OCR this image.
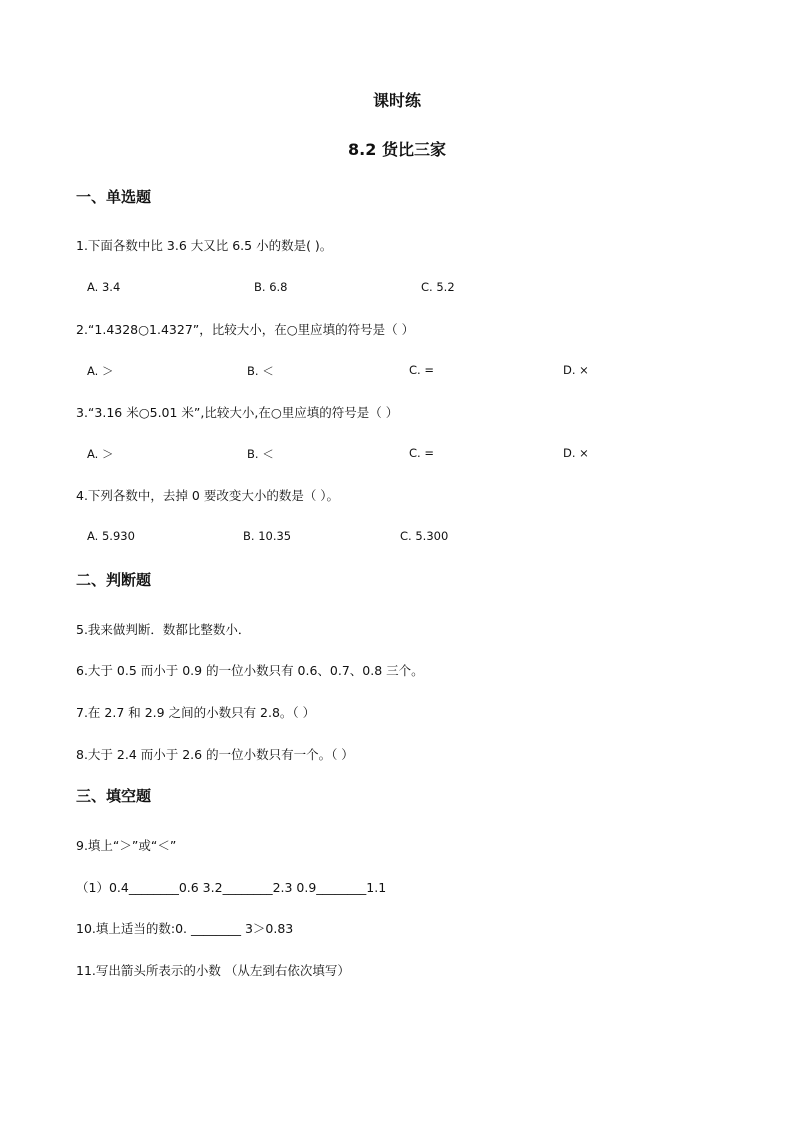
课时练
8.2 货比三家
一、单选题
1.下面各数中比 3.6 大又比 6.5 小的数是( )。
A. 3.4	B. 6.8	C. 5.2
2.“1.4328○1.4327”，比较大小，在○里应填的符号是（ ）
A. ＞	B. ＜	C. =	D. ×
3.“3.16 米○5.01 米”,比较大小,在○里应填的符号是（ ）
A. ＞	B. ＜	C. =	D. ×
4.下列各数中，去掉 0 要改变大小的数是（ ）。
A. 5.930	B. 10.35	C. 5.300
二、判断题
5.我来做判断．数都比整数小．
6.大于 0.5 而小于 0.9 的一位小数只有 0.6、0.7、0.8 三个。
7.在 2.7 和 2.9 之间的小数只有 2.8。（ ）
8.大于 2.4 而小于 2.6 的一位小数只有一个。（ ）
三、填空题
9.填上“＞”或“＜”
（1）0.4________0.6 3.2________2.3 0.9________1.1
10.填上适当的数:0. ________ 3＞0.83
11.写出箭头所表示的小数 （从左到右依次填写）
